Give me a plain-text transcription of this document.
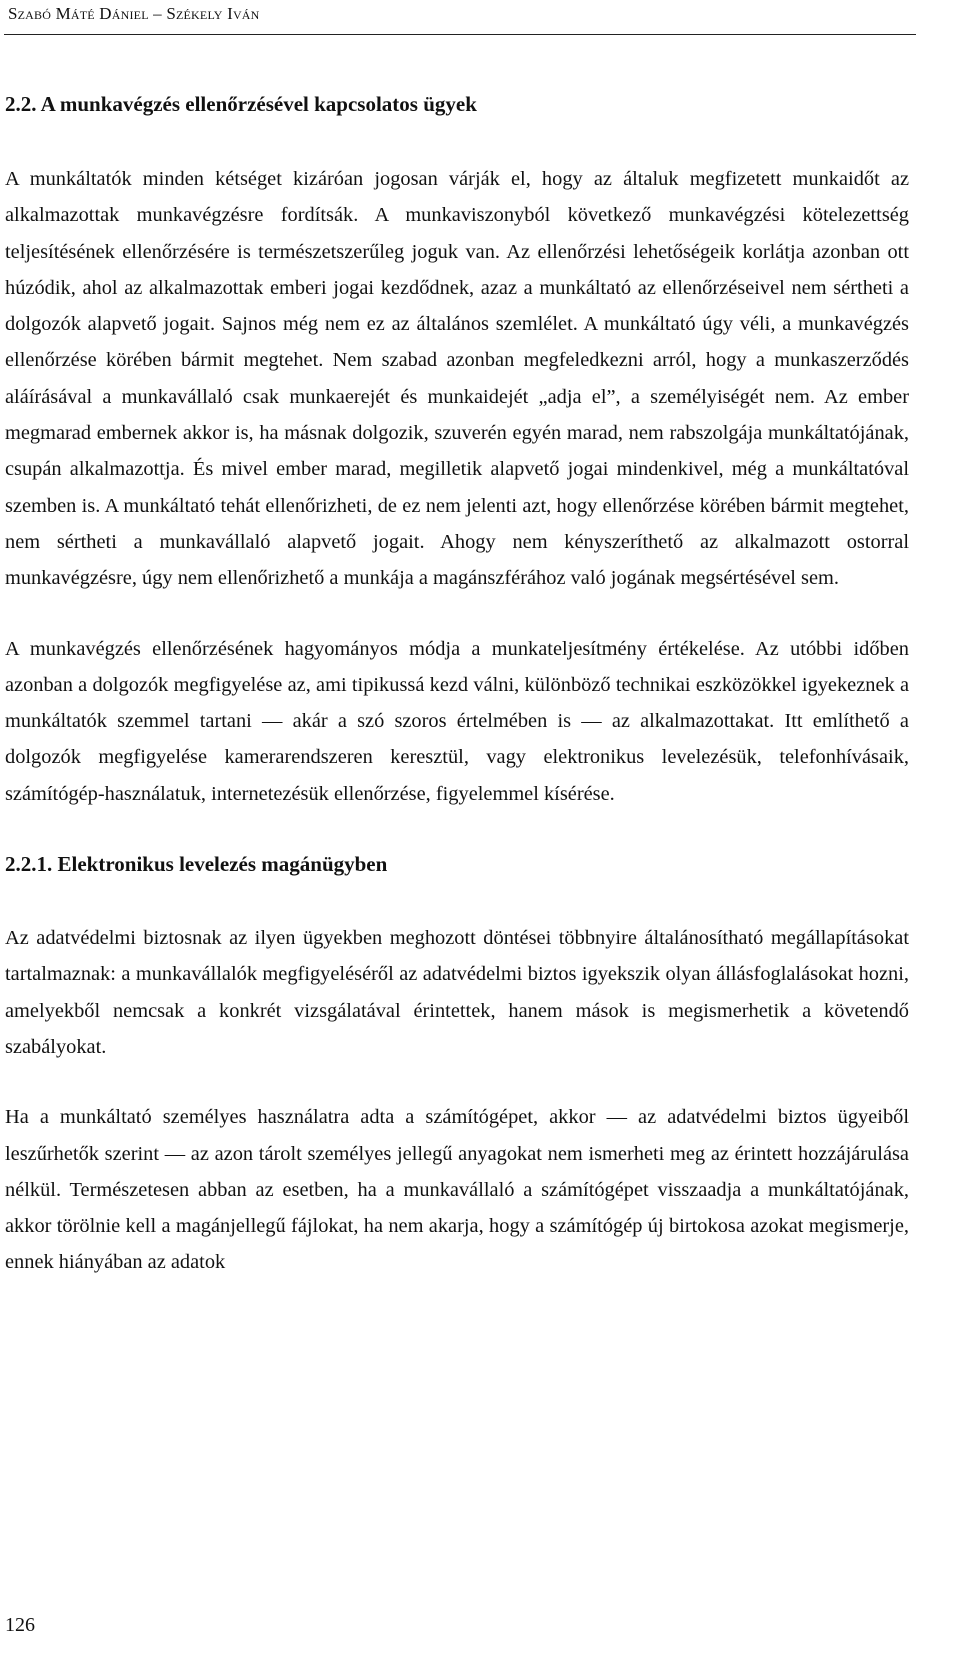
Szabó Máté Dániel – Székely Iván
2.2. A munkavégzés ellenőrzésével kapcsolatos ügyek

A munkáltatók minden kétséget kizáróan jogosan várják el, hogy az általuk megfizetett munkaidőt az alkalmazottak munkavégzésre fordítsák. A munkaviszonyból következő munkavégzési kötelezettség teljesítésének ellenőrzésére is természetszerűleg joguk van. Az ellenőrzési lehetőségeik korlátja azonban ott húzódik, ahol az alkalmazottak emberi jogai kezdődnek, azaz a munkáltató az ellenőrzéseivel nem sértheti a dolgozók alapvető jogait. Sajnos még nem ez az általános szemlélet. A munkáltató úgy véli, a munkavégzés ellenőrzése körében bármit megtehet. Nem szabad azonban megfeledkezni arról, hogy a munkaszerződés aláírásával a munkavállaló csak munkaerejét és munkaidejét „adja el”, a személyiségét nem. Az ember megmarad embernek akkor is, ha másnak dolgozik, szuverén egyén marad, nem rabszolgája munkáltatójának, csupán alkalmazottja. És mivel ember marad, megilletik alapvető jogai mindenkivel, még a munkáltatóval szemben is. A munkáltató tehát ellenőrizheti, de ez nem jelenti azt, hogy ellenőrzése körében bármit megtehet, nem sértheti a munkavállaló alapvető jogait. Ahogy nem kényszeríthető az alkalmazott ostorral munkavégzésre, úgy nem ellenőrizhető a munkája a magánszférához való jogának megsértésével sem.

A munkavégzés ellenőrzésének hagyományos módja a munkateljesítmény értékelése. Az utóbbi időben azonban a dolgozók megfigyelése az, ami tipikussá kezd válni, különböző technikai eszközökkel igyekeznek a munkáltatók szemmel tartani — akár a szó szoros értelmében is — az alkalmazottakat. Itt említhető a dolgozók megfigyelése kamerarendszeren keresztül, vagy elektronikus levelezésük, telefonhívásaik, számítógép-használatuk, internetezésük ellenőrzése, figyelemmel kísérése.

2.2.1. Elektronikus levelezés magánügyben

Az adatvédelmi biztosnak az ilyen ügyekben meghozott döntései többnyire általánosítható megállapításokat tartalmaznak: a munkavállalók megfigyeléséről az adatvédelmi biztos igyekszik olyan állásfoglalásokat hozni, amelyekből nemcsak a konkrét vizsgálatával érintettek, hanem mások is megismerhetik a követendő szabályokat.

Ha a munkáltató személyes használatra adta a számítógépet, akkor — az adatvédelmi biztos ügyeiből leszűrhetők szerint — az azon tárolt személyes jellegű anyagokat nem ismerheti meg az érintett hozzájárulása nélkül. Természetesen abban az esetben, ha a munkavállaló a számítógépet visszaadja a munkáltatójának, akkor törölnie kell a magánjellegű fájlokat, ha nem akarja, hogy a számítógép új birtokosa azokat megismerje, ennek hiányában az adatok

126
